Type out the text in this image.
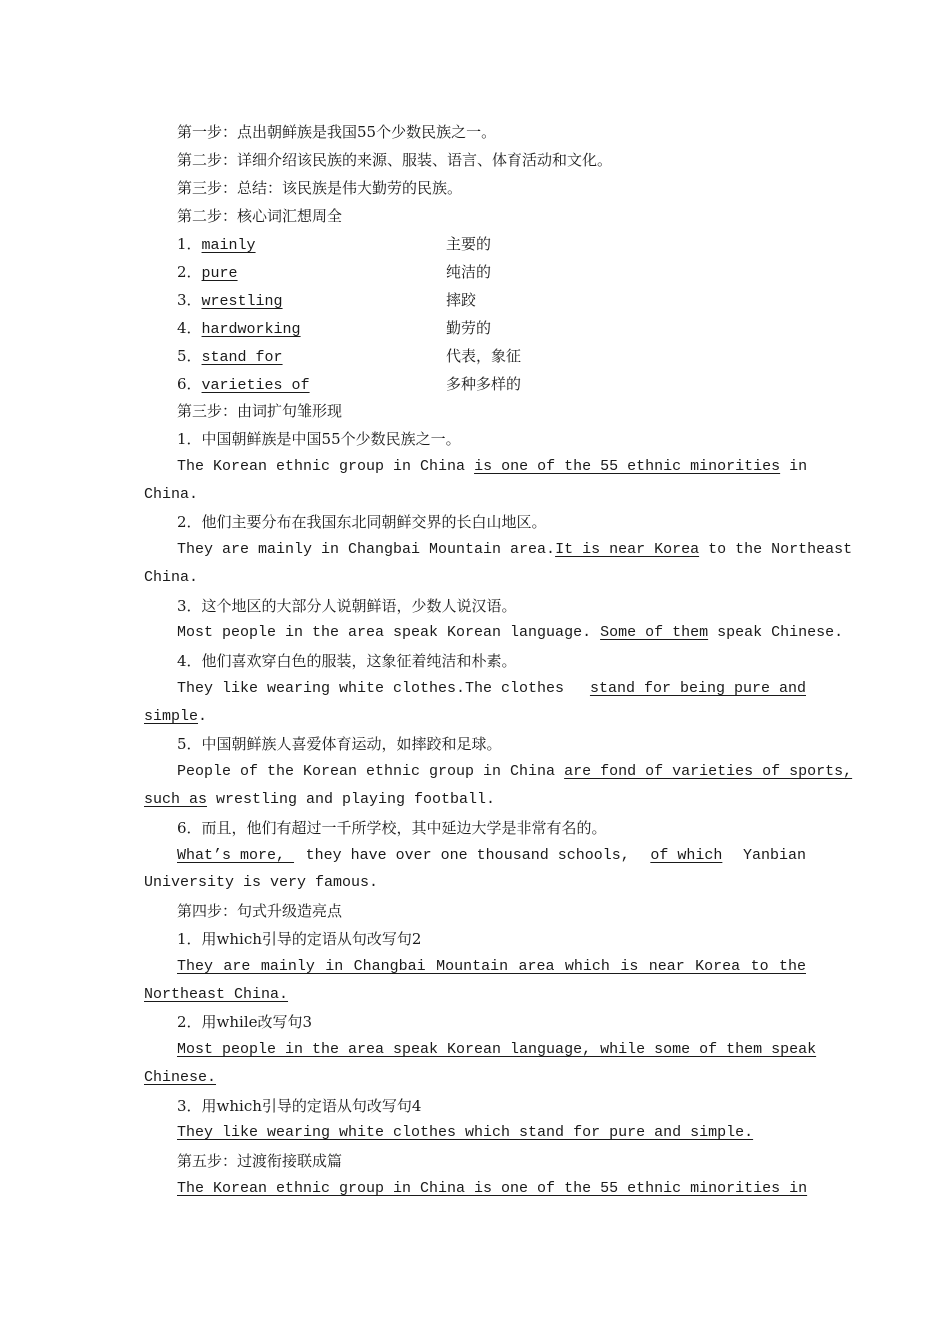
第一步：点出朝鲜族是我国55个少数民族之一。
第二步：详细介绍该民族的来源、服装、语言、体育活动和文化。
第三步：总结：该民族是伟大勤劳的民族。
第二步：核心词汇想周全
1．mainly	主要的
2．pure	纯洁的
3．wrestling	摔跤
4．hardworking	勤劳的
5．stand for	代表，象征
6．varieties of	多种多样的
第三步：由词扩句雏形现
1．中国朝鲜族是中国55个少数民族之一。
The Korean ethnic group in China is one of the 55 ethnic minorities in
China.
2．他们主要分布在我国东北同朝鲜交界的长白山地区。
They are mainly in Changbai Mountain area. It is near Korea to the Northeast
China.
3．这个地区的大部分人说朝鲜语，少数人说汉语。
Most people in the area speak Korean language. Some of them speak Chinese.
4．他们喜欢穿白色的服装，这象征着纯洁和朴素。
They like wearing white clothes.The clothes stand for being pure and
simple.
5．中国朝鲜族人喜爱体育运动，如摔跤和足球。
People of the Korean ethnic group in China are fond of varieties of sports,
such as wrestling and playing football.
6．而且，他们有超过一千所学校，其中延边大学是非常有名的。
What’s more, they have over one thousand schools, of which Yanbian
University is very famous.
第四步：句式升级造亮点
1．用which引导的定语从句改写句2
They are mainly in Changbai Mountain area which is near Korea to the
Northeast China.
2．用while改写句3
Most people in the area speak Korean language, while some of them speak
Chinese.
3．用which引导的定语从句改写句4
They like wearing white clothes which stand for pure and simple.
第五步：过渡衔接联成篇
The Korean ethnic group in China is one of the 55 ethnic minorities in
